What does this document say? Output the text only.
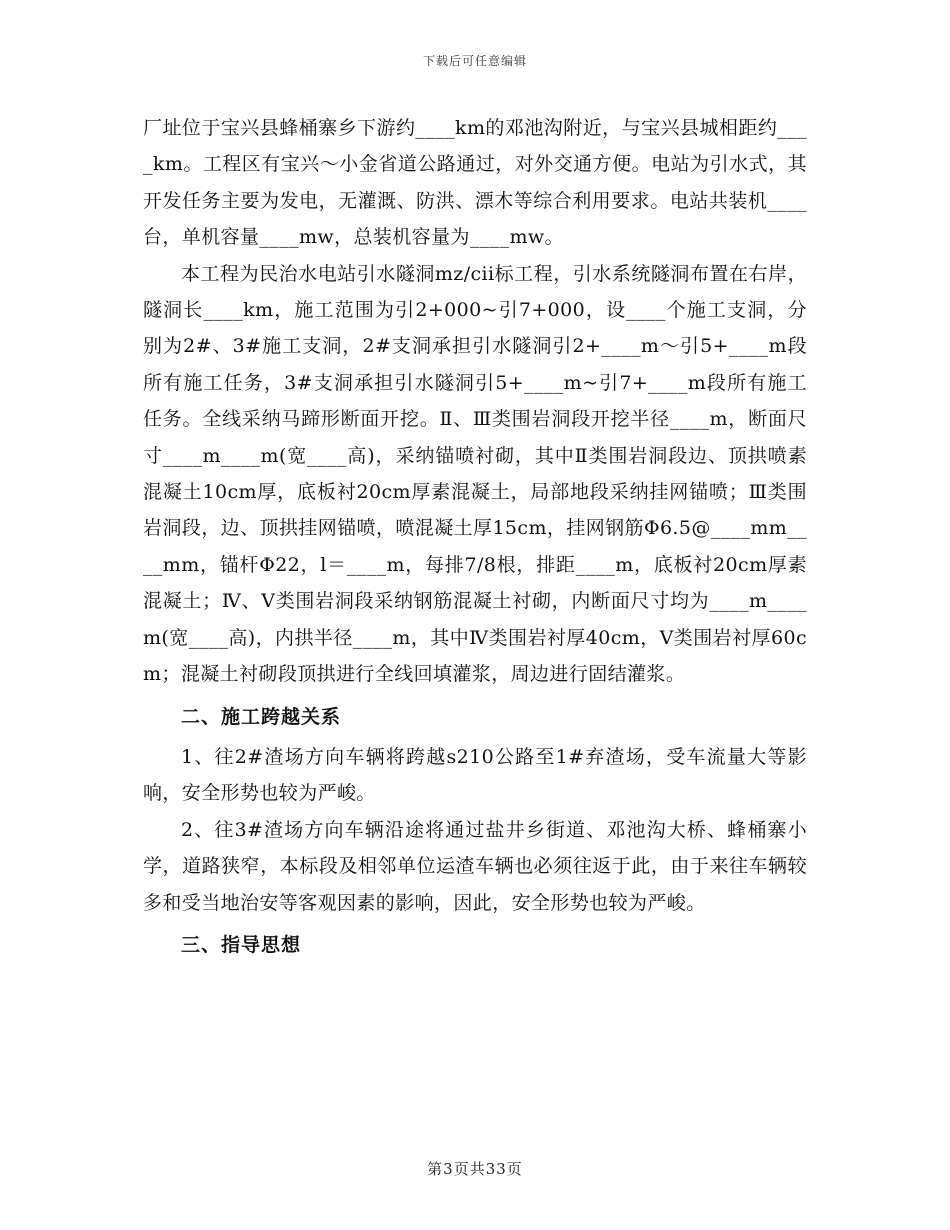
下载后可任意编辑

厂址位于宝兴县蜂桶寨乡下游约____km的邓池沟附近，与宝兴县城相距约____km。工程区有宝兴～小金省道公路通过，对外交通方便。电站为引水式，其开发任务主要为发电，无灌溉、防洪、漂木等综合利用要求。电站共装机____台，单机容量____mw，总装机容量为____mw。

本工程为民治水电站引水隧洞mz/cii标工程，引水系统隧洞布置在右岸，隧洞长____km，施工范围为引2+000~引7+000，设____个施工支洞，分别为2#、3#施工支洞，2#支洞承担引水隧洞引2+____m～引5+____m段所有施工任务，3#支洞承担引水隧洞引5+____m~引7+____m段所有施工任务。全线采纳马蹄形断面开挖。Ⅱ、Ⅲ类围岩洞段开挖半径____m，断面尺寸____m____m(宽____高)，采纳锚喷衬砌，其中Ⅱ类围岩洞段边、顶拱喷素混凝土10cm厚，底板衬20cm厚素混凝土，局部地段采纳挂网锚喷；Ⅲ类围岩洞段，边、顶拱挂网锚喷，喷混凝土厚15cm，挂网钢筋Φ6.5@____mm____mm，锚杆Φ22，l＝____m，每排7/8根，排距____m，底板衬20cm厚素混凝土；Ⅳ、Ⅴ类围岩洞段采纳钢筋混凝土衬砌，内断面尺寸均为____m____m(宽____高)，内拱半径____m，其中Ⅳ类围岩衬厚40cm，Ⅴ类围岩衬厚60cm；混凝土衬砌段顶拱进行全线回填灌浆，周边进行固结灌浆。

二、施工跨越关系

1、往2#渣场方向车辆将跨越s210公路至1#弃渣场，受车流量大等影响，安全形势也较为严峻。

2、往3#渣场方向车辆沿途将通过盐井乡街道、邓池沟大桥、蜂桶寨小学，道路狭窄，本标段及相邻单位运渣车辆也必须往返于此，由于来往车辆较多和受当地治安等客观因素的影响，因此，安全形势也较为严峻。

三、指导思想

第3页共33页
